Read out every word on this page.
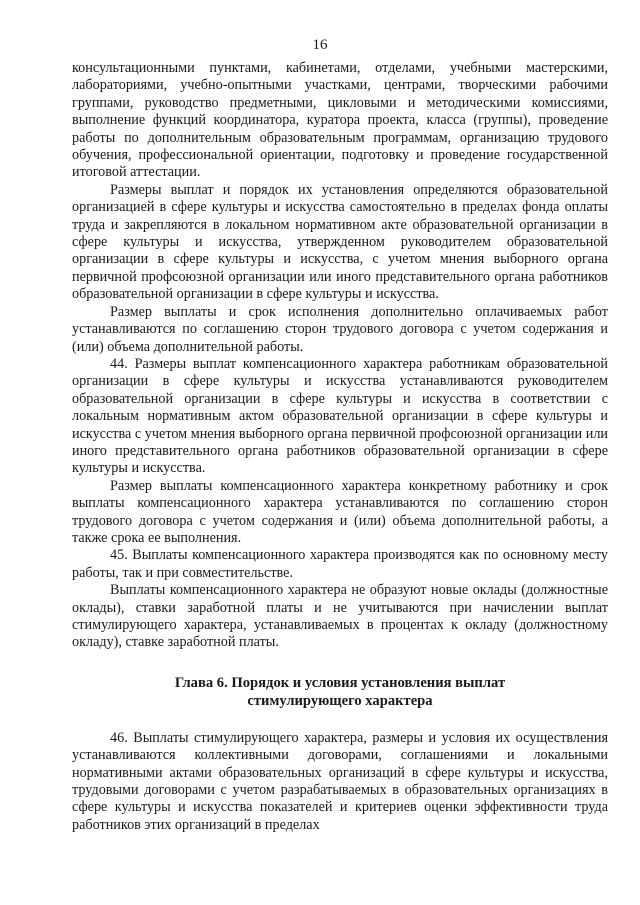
16

консультационными пунктами, кабинетами, отделами, учебными мастерскими, лабораториями, учебно-опытными участками, центрами, творческими рабочими группами, руководство предметными, цикловыми и методическими комиссиями, выполнение функций координатора, куратора проекта, класса (группы), проведение работы по дополнительным образовательным программам, организацию трудового обучения, профессиональной ориентации, подготовку и проведение государственной итоговой аттестации.

Размеры выплат и порядок их установления определяются образовательной организацией в сфере культуры и искусства самостоятельно в пределах фонда оплаты труда и закрепляются в локальном нормативном акте образовательной организации в сфере культуры и искусства, утвержденном руководителем образовательной организации в сфере культуры и искусства, с учетом мнения выборного органа первичной профсоюзной организации или иного представительного органа работников образовательной организации в сфере культуры и искусства.

Размер выплаты и срок исполнения дополнительно оплачиваемых работ устанавливаются по соглашению сторон трудового договора с учетом содержания и (или) объема дополнительной работы.

44. Размеры выплат компенсационного характера работникам образовательной организации в сфере культуры и искусства устанавливаются руководителем образовательной организации в сфере культуры и искусства в соответствии с локальным нормативным актом образовательной организации в сфере культуры и искусства с учетом мнения выборного органа первичной профсоюзной организации или иного представительного органа работников образовательной организации в сфере культуры и искусства.

Размер выплаты компенсационного характера конкретному работнику и срок выплаты компенсационного характера устанавливаются по соглашению сторон трудового договора с учетом содержания и (или) объема дополнительной работы, а также срока ее выполнения.

45. Выплаты компенсационного характера производятся как по основному месту работы, так и при совместительстве.

Выплаты компенсационного характера не образуют новые оклады (должностные оклады), ставки заработной платы и не учитываются при начислении выплат стимулирующего характера, устанавливаемых в процентах к окладу (должностному окладу), ставке заработной платы.

Глава 6. Порядок и условия установления выплат
стимулирующего характера

46. Выплаты стимулирующего характера, размеры и условия их осуществления устанавливаются коллективными договорами, соглашениями и локальными нормативными актами образовательных организаций в сфере культуры и искусства, трудовыми договорами с учетом разрабатываемых в образовательных организациях в сфере культуры и искусства показателей и критериев оценки эффективности труда работников этих организаций в пределах
